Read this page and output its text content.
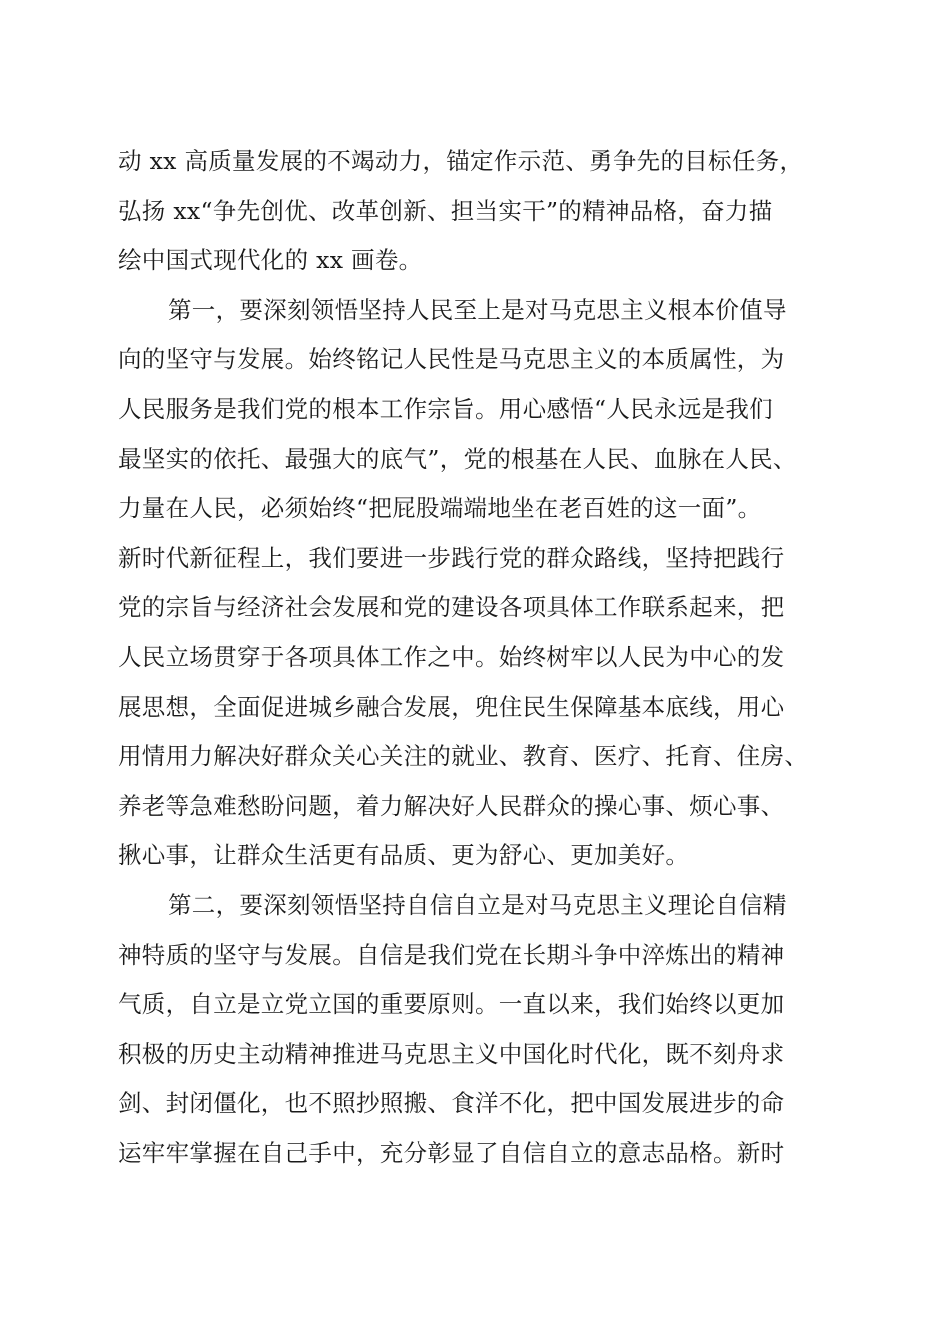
动 xx 高质量发展的不竭动力，锚定作示范、勇争先的目标任务，
弘扬 xx“争先创优、改革创新、担当实干”的精神品格，奋力描
绘中国式现代化的 xx 画卷。
第一，要深刻领悟坚持人民至上是对马克思主义根本价值导
向的坚守与发展。始终铭记人民性是马克思主义的本质属性，为
人民服务是我们党的根本工作宗旨。用心感悟“人民永远是我们
最坚实的依托、最强大的底气”，党的根基在人民、血脉在人民、
力量在人民，必须始终“把屁股端端地坐在老百姓的这一面”。
新时代新征程上，我们要进一步践行党的群众路线，坚持把践行
党的宗旨与经济社会发展和党的建设各项具体工作联系起来，把
人民立场贯穿于各项具体工作之中。始终树牢以人民为中心的发
展思想，全面促进城乡融合发展，兜住民生保障基本底线，用心
用情用力解决好群众关心关注的就业、教育、医疗、托育、住房、
养老等急难愁盼问题，着力解决好人民群众的操心事、烦心事、
揪心事，让群众生活更有品质、更为舒心、更加美好。
第二，要深刻领悟坚持自信自立是对马克思主义理论自信精
神特质的坚守与发展。自信是我们党在长期斗争中淬炼出的精神
气质，自立是立党立国的重要原则。一直以来，我们始终以更加
积极的历史主动精神推进马克思主义中国化时代化，既不刻舟求
剑、封闭僵化，也不照抄照搬、食洋不化，把中国发展进步的命
运牢牢掌握在自己手中，充分彰显了自信自立的意志品格。新时
